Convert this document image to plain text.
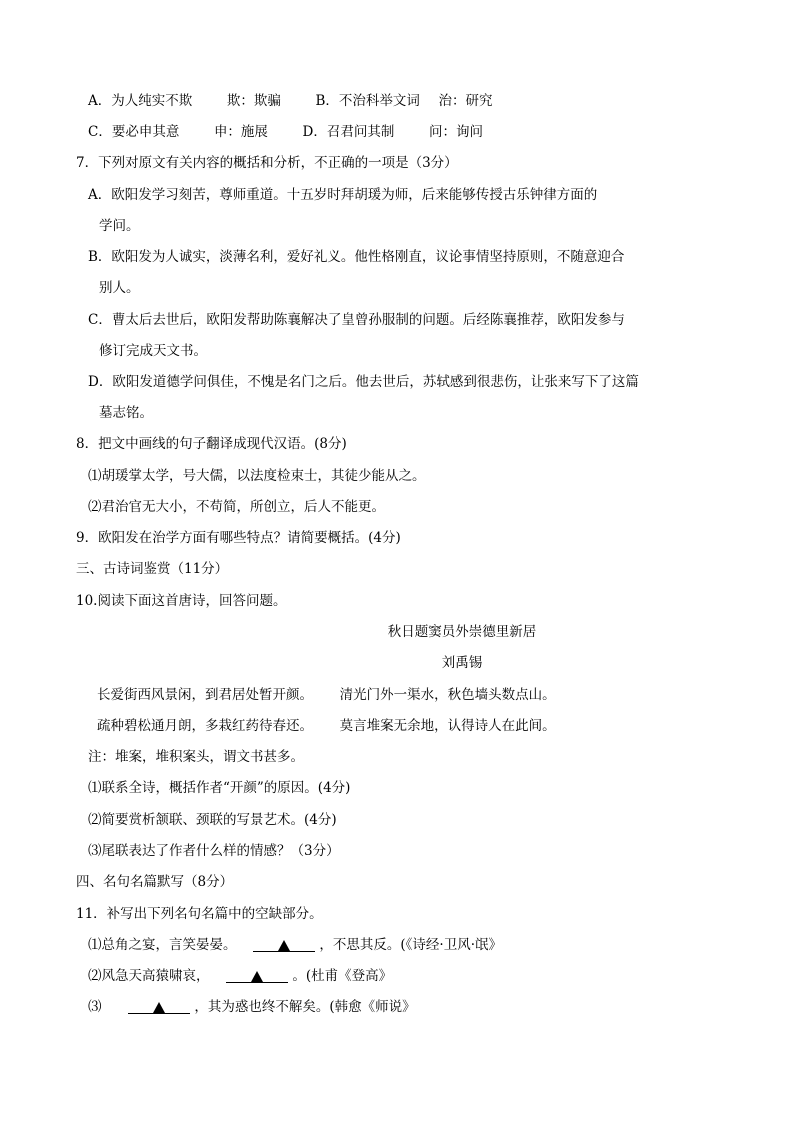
A．为人纯实不欺	欺：欺骗	B．不治科举文词 治：研究
C．要必申其意	申：施展	D．召君问其制	问：询问
7．下列对原文有关内容的概括和分析，不正确的一项是（3分）
A．欧阳发学习刻苦，尊师重道。十五岁时拜胡瑗为师，后来能够传授古乐钟律方面的
学问。
B．欧阳发为人诚实，淡薄名利，爱好礼义。他性格刚直，议论事情坚持原则，不随意迎合
别人。
C．曹太后去世后，欧阳发帮助陈襄解决了皇曾孙服制的问题。后经陈襄推荐，欧阳发参与
修订完成天文书。
D．欧阳发道德学问俱佳，不愧是名门之后。他去世后，苏轼感到很悲伤，让张来写下了这篇
墓志铭。
8．把文中画线的句子翻译成现代汉语。(8分)
⑴胡瑗掌太学，号大儒，以法度检束士，其徒少能从之。
⑵君治官无大小，不苟简，所创立，后人不能更。
9．欧阳发在治学方面有哪些特点？请简要概括。(4分)
三、古诗词鉴赏（11分）
10.阅读下面这首唐诗，回答问题。
秋日题窦员外崇德里新居
刘禹锡
长爱街西风景闲，到君居处暂开颜。 清光门外一渠水，秋色墙头数点山。
疏种碧松通月朗，多栽红药待春还。 莫言堆案无余地，认得诗人在此间。
注：堆案，堆积案头，谓文书甚多。
⑴联系全诗，概括作者“开颜”的原因。(4分)
⑵简要赏析颔联、颈联的写景艺术。(4分)
⑶尾联表达了作者什么样的情感？（3分）
四、名句名篇默写（8分）
11．补写出下列名句名篇中的空缺部分。
⑴总角之宴，言笑晏晏。	，不思其反。(《诗经·卫风·氓》
⑵风急天高猿啸哀，	。(杜甫《登高》
⑶	，其为惑也终不解矣。(韩愈《师说》
